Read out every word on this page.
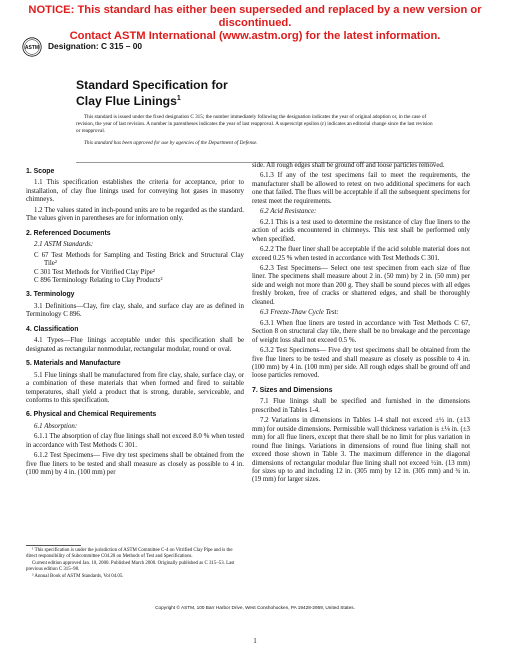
NOTICE: This standard has either been superseded and replaced by a new version or discontinued.
Contact ASTM International (www.astm.org) for the latest information.
ASTM Designation: C 315 – 00
Standard Specification for
Clay Flue Linings$^1$

This standard is issued under the fixed designation C 315; the number immediately following the designation indicates the year of original adoption or, in the case of revision, the year of last revision. A number in parentheses indicates the year of last reapproval. A superscript epsilon (ε) indicates an editorial change since the last revision or reapproval.

This standard has been approved for use by agencies of the Department of Defense.

1. Scope

1.1 This specification establishes the criteria for acceptance, prior to installation, of clay flue linings used for conveying hot gases in masonry chimneys.

1.2 The values stated in inch-pound units are to be regarded as the standard. The values given in parentheses are for information only.

2. Referenced Documents

2.1 ASTM Standards:

C 67 Test Methods for Sampling and Testing Brick and Structural Clay Tile²
C 301 Test Methods for Vitrified Clay Pipe²
C 896 Terminology Relating to Clay Products²
3. Terminology

3.1 Definitions—Clay, fire clay, shale, and surface clay are as defined in Terminology C 896.

4. Classification

4.1 Types—Flue linings acceptable under this specification shall be designated as rectangular nonmodular, rectangular modular, round or oval.

5. Materials and Manufacture

5.1 Flue linings shall be manufactured from fire clay, shale, surface clay, or a combination of these materials that when formed and fired to suitable temperatures, shall yield a product that is strong, durable, serviceable, and conforms to this specification.

6. Physical and Chemical Requirements

6.1 Absorption:

6.1.1 The absorption of clay flue linings shall not exceed 8.0 % when tested in accordance with Test Methods C 301.

6.1.2 Test Specimens— Five dry test specimens shall be obtained from the five flue liners to be tested and shall measure as closely as possible to 4 in. (100 mm) by 4 in. (100 mm) per

¹ This specification is under the jurisdiction of ASTM Committee C-4 on Vitrified Clay Pipe and is the direct responsibility of Subcommittee C04.20 on Methods of Test and Specifications.

Current edition approved Jan. 10, 2000. Published March 2000. Originally published as C 315–53. Last previous edition C 315–98.

² Annual Book of ASTM Standards, Vol 04.05.

side. All rough edges shall be ground off and loose particles removed.

6.1.3 If any of the test specimens fail to meet the requirements, the manufacturer shall be allowed to retest on two additional specimens for each one that failed. The flues will be acceptable if all the subsequent specimens for retest meet the requirements.

6.2 Acid Resistance:

6.2.1 This is a test used to determine the resistance of clay flue liners to the action of acids encountered in chimneys. This test shall be performed only when specified.

6.2.2 The fluer liner shall be acceptable if the acid soluble material does not exceed 0.25 % when tested in accordance with Test Methods C 301.

6.2.3 Test Specimens— Select one test specimen from each size of flue liner. The specimens shall measure about 2 in. (50 mm) by 2 in. (50 mm) per side and weigh not more than 200 g. They shall be sound pieces with all edges freshly broken, free of cracks or shattered edges, and shall be thoroughly cleaned.

6.3 Freeze-Thaw Cycle Test:

6.3.1 When flue liners are tested in accordance with Test Methods C 67, Section 8 on structural clay tile, there shall be no breakage and the percentage of weight loss shall not exceed 0.5 %.

6.3.2 Test Specimens— Five dry test specimens shall be obtained from the five flue liners to be tested and shall measure as closely as possible to 4 in. (100 mm) by 4 in. (100 mm) per side. All rough edges shall be ground off and loose particles removed.

7. Sizes and Dimensions

7.1 Flue linings shall be specified and furnished in the dimensions prescribed in Tables 1-4.

7.2 Variations in dimensions in Tables 1-4 shall not exceed ±½ in. (±13 mm) for outside dimensions. Permissible wall thickness variation is ±⅛ in. (±3 mm) for all flue liners, except that there shall be no limit for plus variation in round flue linings. Variations in dimensions of round flue lining shall not exceed those shown in Table 3. The maximum difference in the diagonal dimensions of rectangular modular flue lining shall not exceed ½in. (13 mm) for sizes up to and including 12 in. (305 mm) by 12 in. (305 mm) and ¾ in. (19 mm) for larger sizes.

Copyright © ASTM, 100 Barr Harbor Drive, West Conshohocken, PA 19428-2959, United States.
1
